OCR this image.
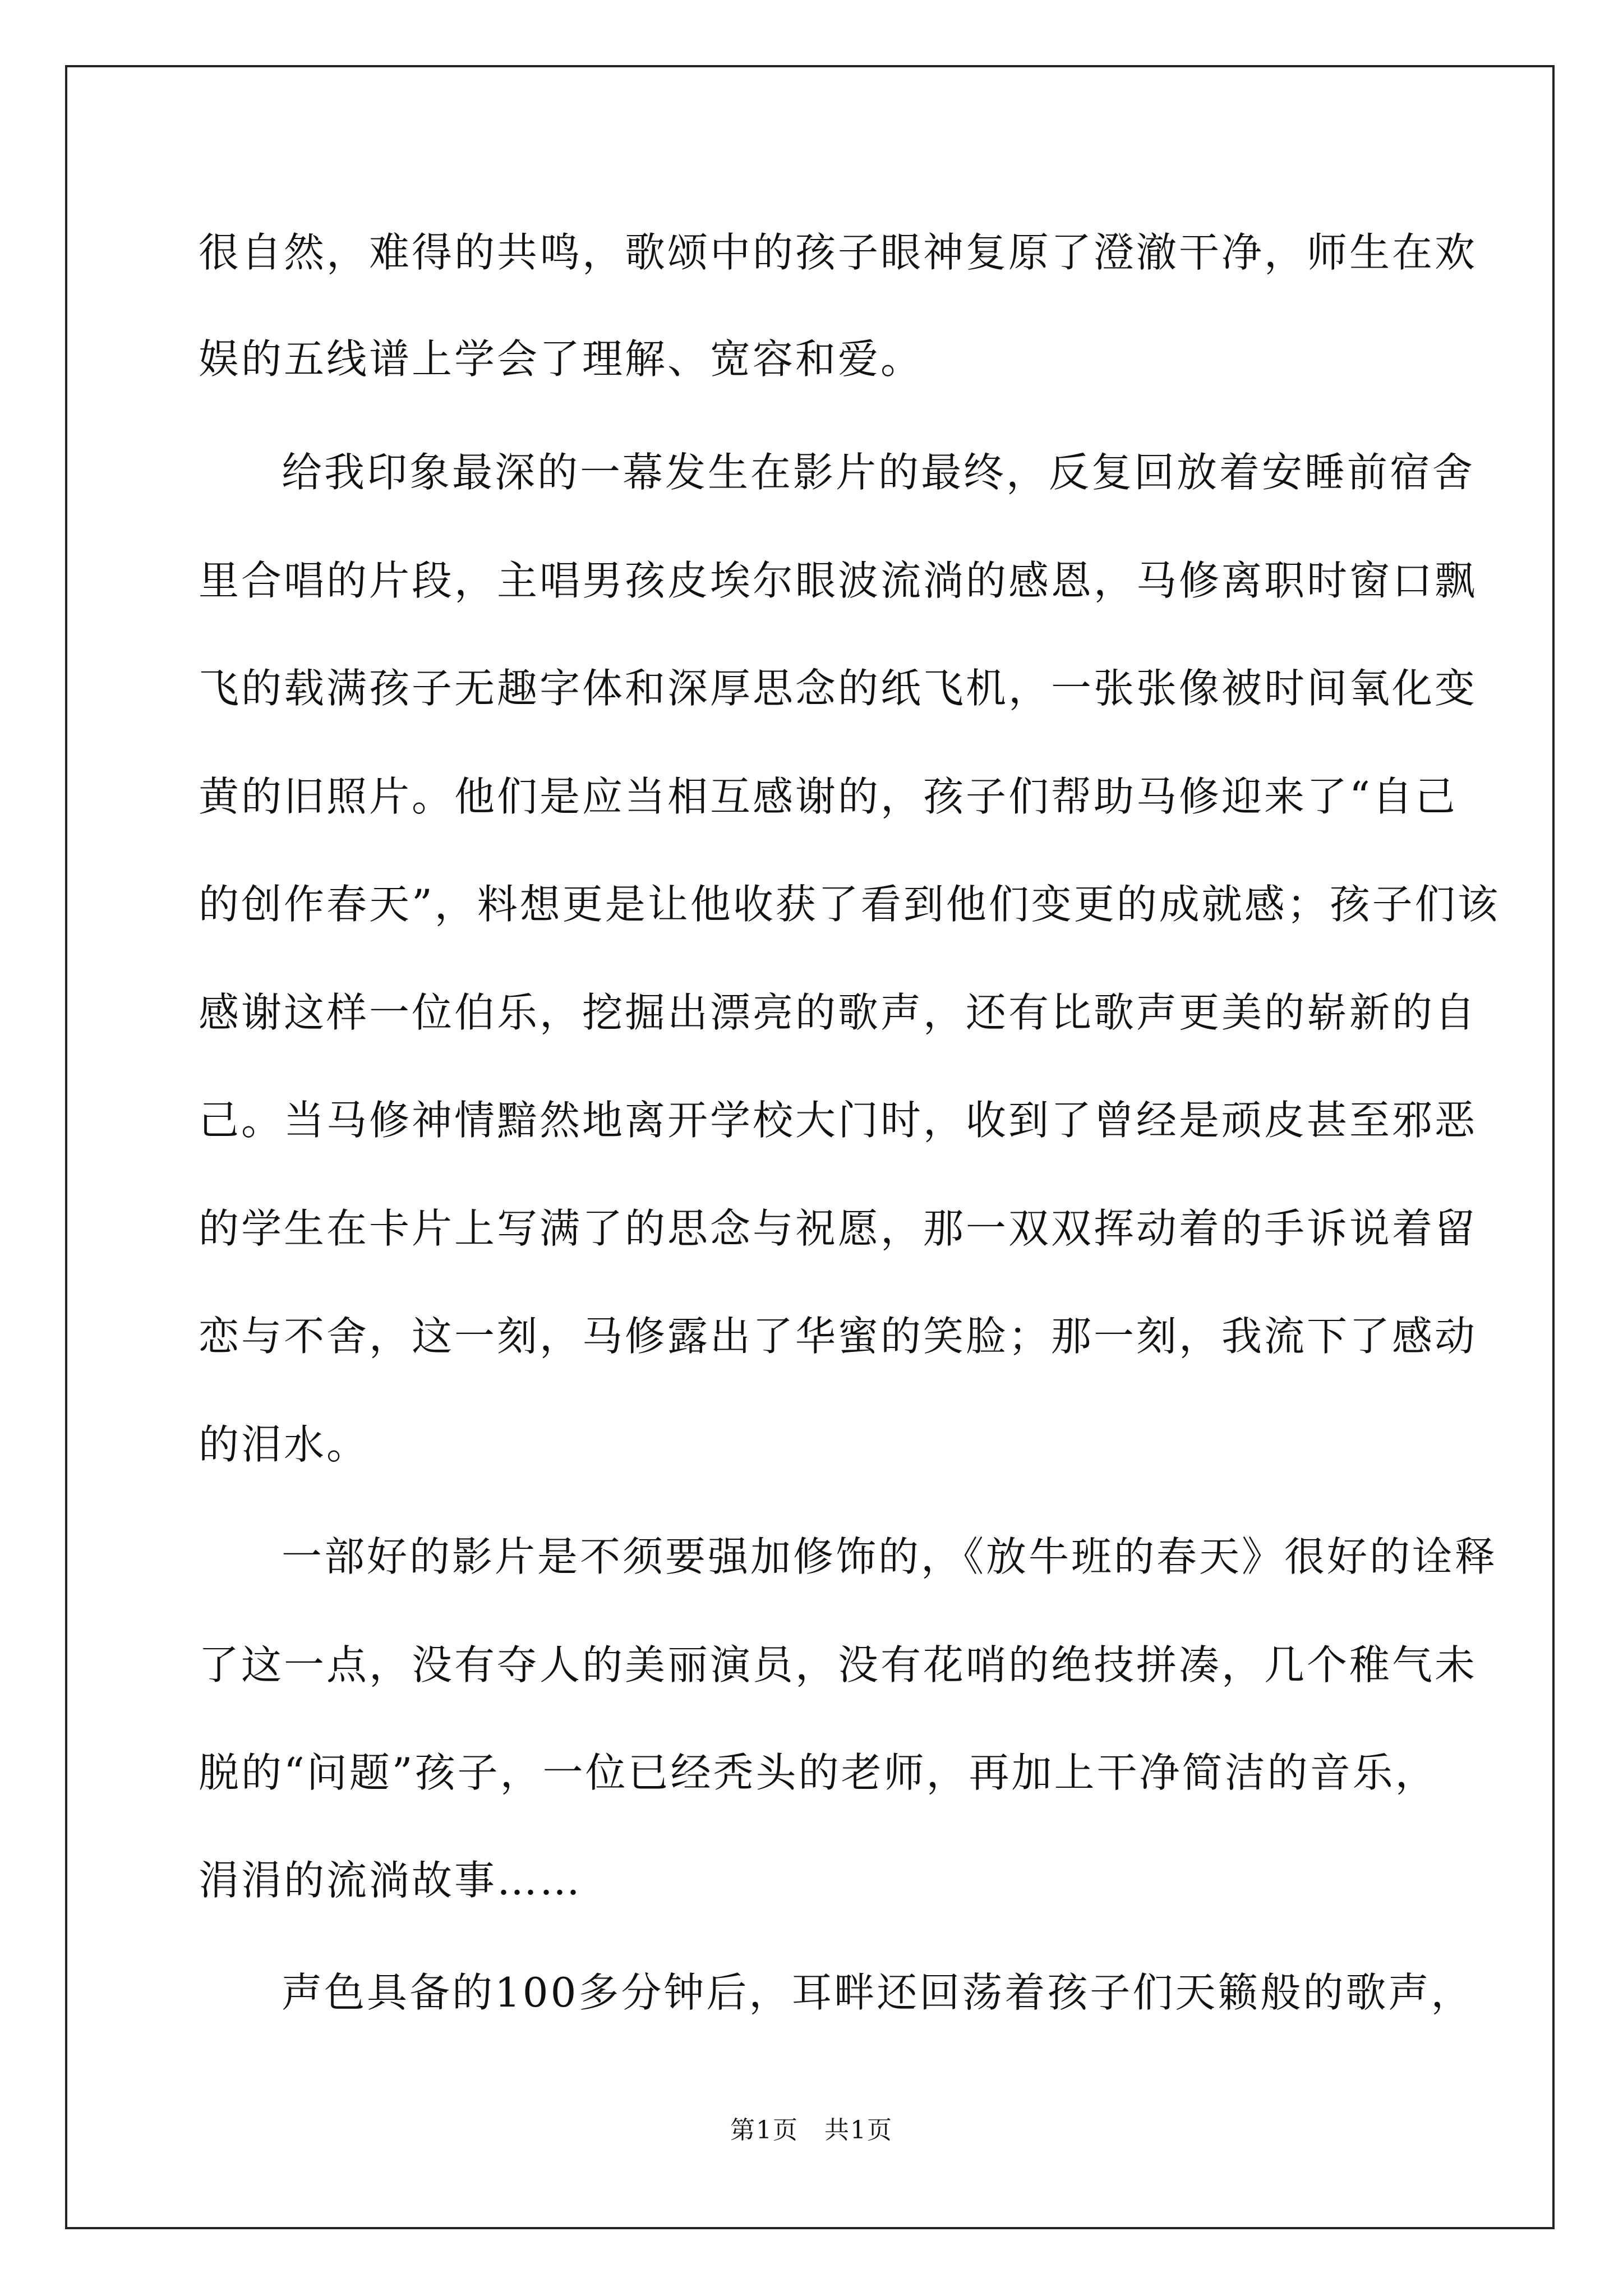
很自然，难得的共鸣，歌颂中的孩子眼神复原了澄澈干净，师生在欢
娱的五线谱上学会了理解、宽容和爱。
给我印象最深的一幕发生在影片的最终，反复回放着安睡前宿舍
里合唱的片段，主唱男孩皮埃尔眼波流淌的感恩，马修离职时窗口飘
飞的载满孩子无趣字体和深厚思念的纸飞机，一张张像被时间氧化变
黄的旧照片。他们是应当相互感谢的，孩子们帮助马修迎来了“自己
的创作春天”，料想更是让他收获了看到他们变更的成就感；孩子们该
感谢这样一位伯乐，挖掘出漂亮的歌声，还有比歌声更美的崭新的自
己。当马修神情黯然地离开学校大门时，收到了曾经是顽皮甚至邪恶
的学生在卡片上写满了的思念与祝愿，那一双双挥动着的手诉说着留
恋与不舍，这一刻，马修露出了华蜜的笑脸；那一刻，我流下了感动
的泪水。
一部好的影片是不须要强加修饰的，《放牛班的春天》很好的诠释
了这一点，没有夺人的美丽演员，没有花哨的绝技拼凑，几个稚气未
脱的“问题”孩子，一位已经秃头的老师，再加上干净简洁的音乐，
涓涓的流淌故事……
声色具备的100多分钟后，耳畔还回荡着孩子们天籁般的歌声，
第1页　共1页
